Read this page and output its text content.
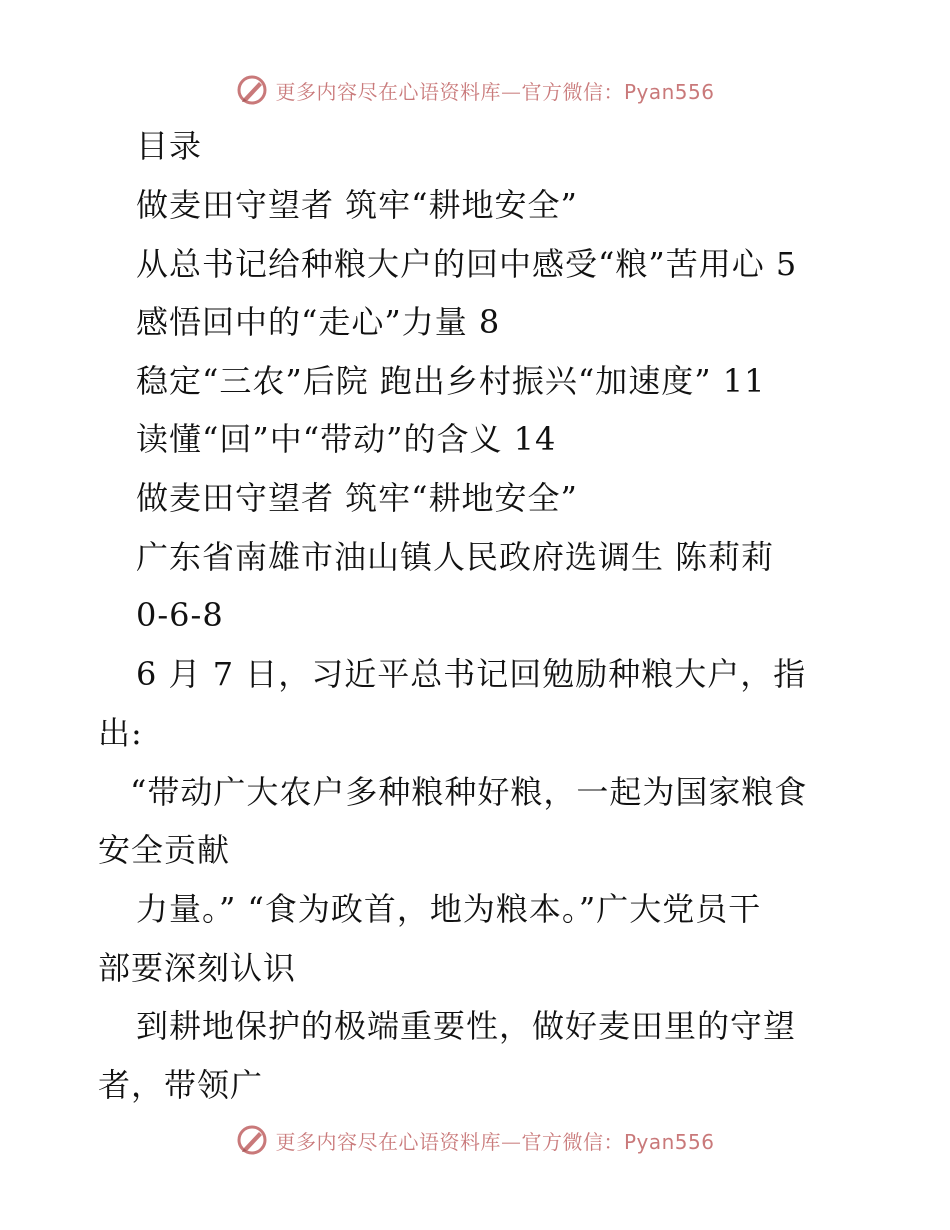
更多内容尽在心语资料库—官方微信：Pyan556
目录
做麦田守望者 筑牢“耕地安全”
从总书记给种粮大户的回中感受“粮”苦用心 5
感悟回中的“走心”力量 8
稳定“三农”后院 跑出乡村振兴“加速度” 11
读懂“回”中“带动”的含义 14
做麦田守望者 筑牢“耕地安全”
广东省南雄市油山镇人民政府选调生 陈莉莉
0-6-8
6 月 7 日，习近平总书记回勉励种粮大户，指
出:
“带动广大农户多种粮种好粮，一起为国家粮食
安全贡献
力量。” “食为政首，地为粮本。”广大党员干
部要深刻认识
到耕地保护的极端重要性，做好麦田里的守望
者，带领广
更多内容尽在心语资料库—官方微信：Pyan556
